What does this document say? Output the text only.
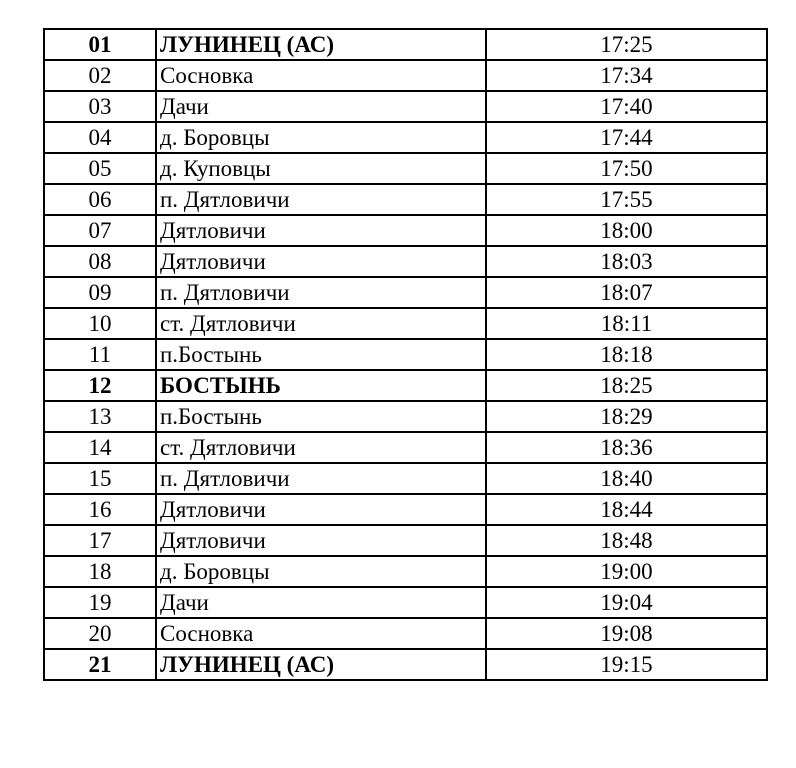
01	ЛУНИНЕЦ (АС)	17:25
02	Сосновка	17:34
03	Дачи	17:40
04	д. Боровцы	17:44
05	д. Куповцы	17:50
06	п. Дятловичи	17:55
07	Дятловичи	18:00
08	Дятловичи	18:03
09	п. Дятловичи	18:07
10	ст. Дятловичи	18:11
11	п.Бостынь	18:18
12	БОСТЫНЬ	18:25
13	п.Бостынь	18:29
14	ст. Дятловичи	18:36
15	п. Дятловичи	18:40
16	Дятловичи	18:44
17	Дятловичи	18:48
18	д. Боровцы	19:00
19	Дачи	19:04
20	Сосновка	19:08
21	ЛУНИНЕЦ (АС)	19:15
